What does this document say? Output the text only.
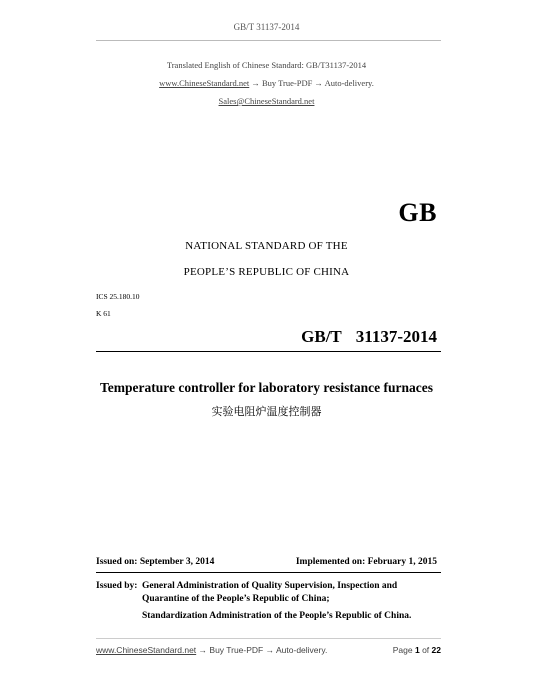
GB/T 31137-2014
Translated English of Chinese Standard: GB/T31137-2014
www.ChineseStandard.net → Buy True-PDF → Auto-delivery.
Sales@ChineseStandard.net
GB
NATIONAL STANDARD OF THE
PEOPLE’S REPUBLIC OF CHINA
ICS 25.180.10
K 61
GB/T 31137-2014
Temperature controller for laboratory resistance furnaces
实验电阻炉温度控制器
Issued on: September 3, 2014	Implemented on: February 1, 2015
Issued by: General Administration of Quality Supervision, Inspection and Quarantine of the People’s Republic of China;
Standardization Administration of the People’s Republic of China.
www.ChineseStandard.net → Buy True-PDF → Auto-delivery.	Page 1 of 22
